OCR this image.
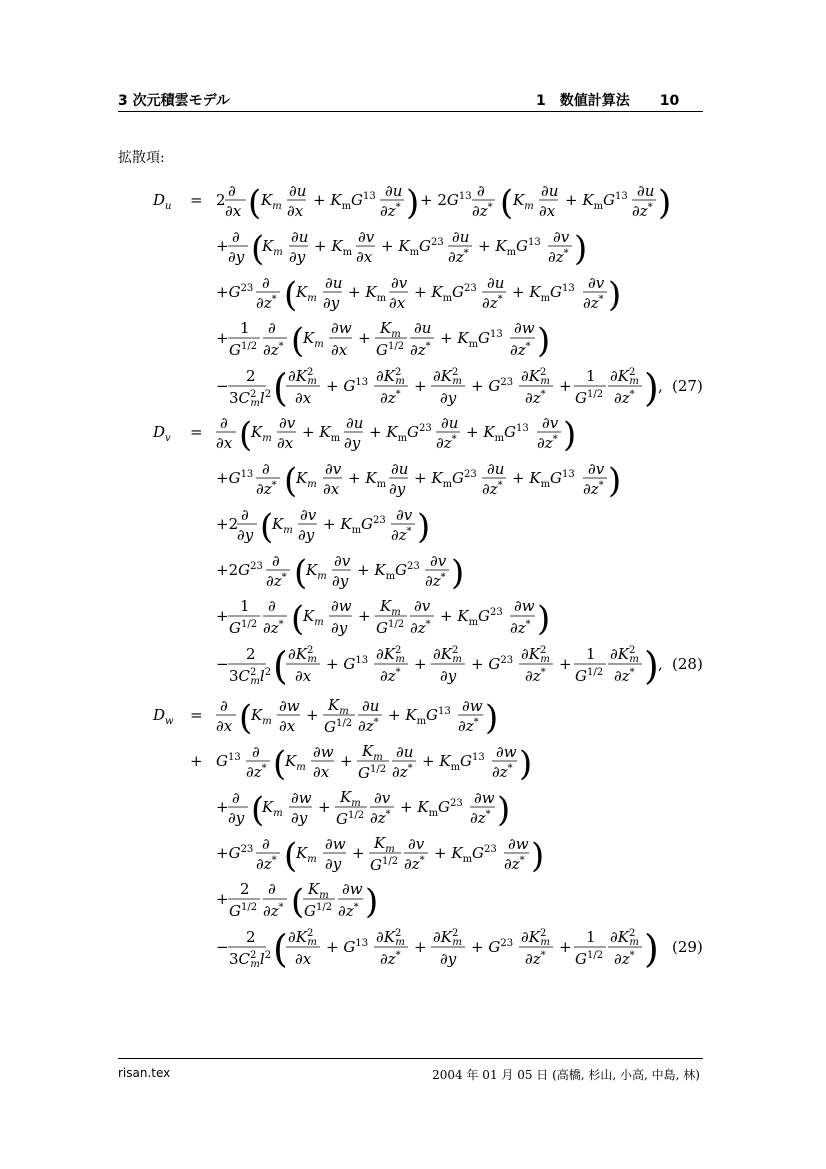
3 次元積雲モデル	1　数値計算法 10
拡散項:
$D_u = 2$ ∂
∂x ( $K_m$
∂u
∂x
+ $K_mG^{13}$ ∂u
∂z* ) + $2G^{13}$ ∂
∂z* ( $K_m$
∂u
∂x
+ $K_mG^{13}$ ∂u
∂z* )
+ ∂
∂y (
$K_m$
∂u
∂y
+ $K_m$
∂v
∂x
+ $K_mG^{23}$ ∂u
$\partial z^* + K_mG^{13}$ ∂v
∂z* )
$+G^{23}$ ∂
∂z* (
$K_m$
∂u
∂y
+ $K_m$
∂v
∂x
+ $K_mG^{23}$ ∂u
$\partial z^* + K_mG^{13}$ ∂v
∂z* )
+
1
$G^{1/2}$
∂
∂z* (
$K_m$
∂w
∂x
+
$K_m$
$G^{1/2}$
∂u
$\partial z^* + K_mG^{13}$ ∂w
∂z* )
−
2
$3C^2$ $ml^2$ ( $\partial K^2$ m
∂x
+ $G^{13}$ $\partial K^2$ m
∂z* +
$\partial K^2$ m
∂y
+ $G^{23}$ $\partial K^2$ m
∂z* +
1
$G^{1/2}$
$\partial K^2$ m
∂z* ) , (27)
$D_v$ = ∂
∂x (
$K_m$
∂v
∂x
+ $K_m$
∂u
∂y
+ $K_mG^{23}$ ∂u
$\partial z^* + K_mG^{13}$ ∂v
∂z* )
$+G^{13}$ ∂
∂z* (
$K_m$
∂v
∂x
+ $K_m$
∂u
∂y
+ $K_mG^{23}$ ∂u
$\partial z^* + K_mG^{13}$ ∂v
∂z* )
+2 ∂
∂y (
$K_m$
∂v
∂y
+ $K_mG^{23}$ ∂v
∂z* )
$+2G^{23}$ ∂
∂z* (
$K_m$
∂v
∂y
+ $K_mG^{23}$ ∂v
∂z* )
+
1
$G^{1/2}$
∂
∂z* (
$K_m$
∂w
∂y
+
$K_m$
$G^{1/2}$
∂v
$\partial z^* + K_mG^{23}$ ∂w
∂z* )
−
2
$3C^2$ $ml^2$ ( $\partial K^2$ m
∂x
+ $G^{13}$ $\partial K^2$ m
∂z* +
$\partial K^2$ m
∂y
+ $G^{23}$ $\partial K^2$ m
∂z* +
1
$G^{1/2}$
$\partial K^2$ m
∂z* ) , (28)
$D_w$ = ∂
∂x (
$K_m$
∂w
∂x
+
$K_m$
$G^{1/2}$
∂u
$\partial z^* + K_mG^{13}$ ∂w
∂z* )
+ $G^{13}$ ∂
∂z* (
$K_m$
∂w
∂x
+
$K_m$
$G^{1/2}$
∂u
$\partial z^* + K_mG^{13}$ ∂w
∂z* )
+ ∂
∂y (
$K_m$
∂w
∂y
+
$K_m$
$G^{1/2}$
∂v
$\partial z^* + K_mG^{23}$ ∂w
∂z* )
$+G^{23}$ ∂
∂z* (
$K_m$
∂w
∂y
+
$K_m$
$G^{1/2}$
∂v
$\partial z^* + K_mG^{23}$ ∂w
∂z* )
+
2
$G^{1/2}$
∂
∂z* ( $K_m$
$G^{1/2}$
∂w
∂z* )
−
2
$3C^2$ $ml^2$ ( $\partial K^2$ m
∂x
+ $G^{13}$ $\partial K^2$ m
∂z* +
$\partial K^2$ m
∂y
+ $G^{23}$ $\partial K^2$ m
∂z* +
1
$G^{1/2}$
$\partial K^2$ m
∂z* ) (29)
risan.tex	2004 年 01 月 05 日 (高橋, 杉山, 小高, 中島, 林)
